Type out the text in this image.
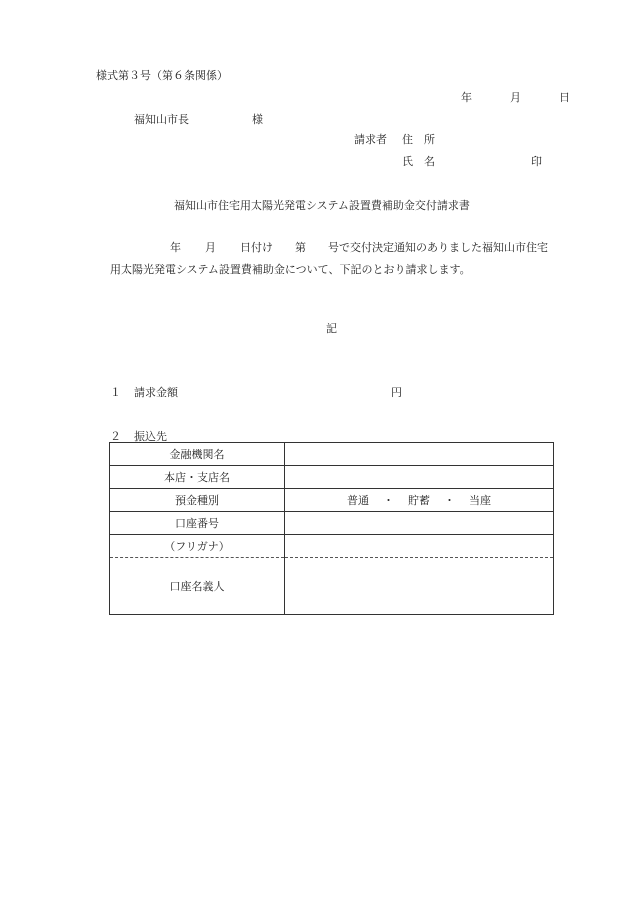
様式第３号（第６条関係）
年	月	日
福知山市長	様
請求者 住　所
氏　名	印
福知山市住宅用太陽光発電システム設置費補助金交付請求書
年 月 日付け 第 号で交付決定通知のありました福知山市住宅
用太陽光発電システム設置費補助金について、下記のとおり請求します。
記
１ 請求金額	円
２ 振込先
金融機関名	
本店・支店名	
預金種別	普通 ・ 貯蓄 ・ 当座
口座番号	
（フリガナ）	
口座名義人	
